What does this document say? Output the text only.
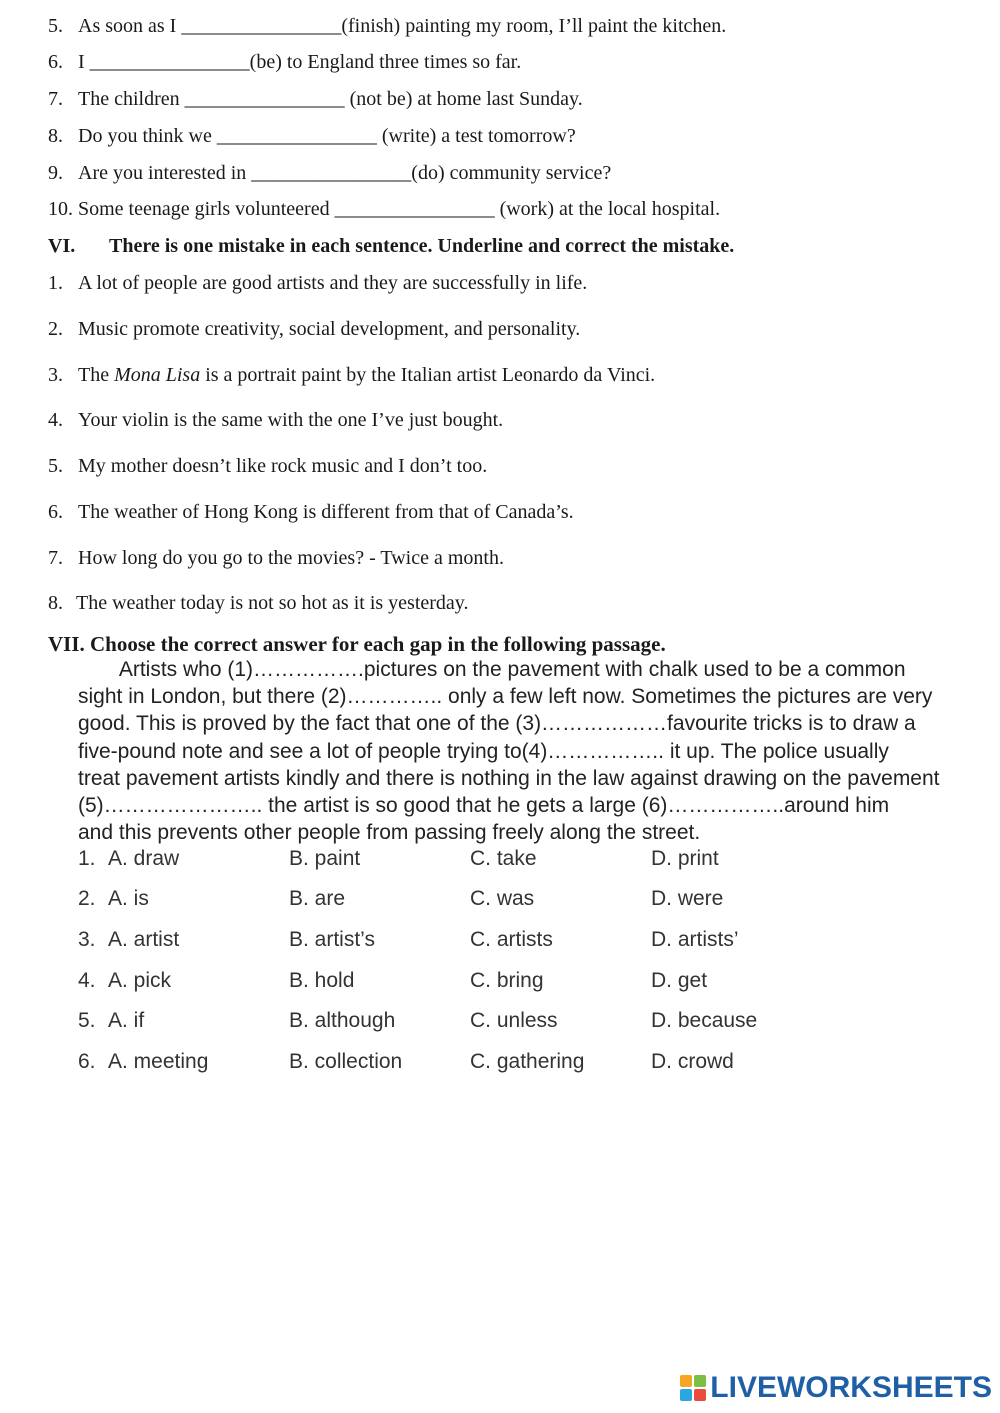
5. As soon as I ________________(finish) painting my room, I’ll paint the kitchen.
6. I ________________(be) to England three times so far.
7. The children ________________ (not be) at home last Sunday.
8. Do you think we ________________ (write) a test tomorrow?
9. Are you interested in ________________(do) community service?
10. Some teenage girls volunteered ________________ (work) at the local hospital.
VI. There is one mistake in each sentence. Underline and correct the mistake.
1. A lot of people are good artists and they are successfully in life.
2. Music promote creativity, social development, and personality.
3. The Mona Lisa is a portrait paint by the Italian artist Leonardo da Vinci.
4. Your violin is the same with the one I’ve just bought.
5. My mother doesn’t like rock music and I don’t too.
6. The weather of Hong Kong is different from that of Canada’s.
7. How long do you go to the movies? - Twice a month.
8. The weather today is not so hot as it is yesterday.
VII. Choose the correct answer for each gap in the following passage.

Artists who (1)…………….pictures on the pavement with chalk used to be a common

sight in London, but there (2)………….. only a few left now. Sometimes the pictures are very

good. This is proved by the fact that one of the (3)………………favourite tricks is to draw a

five-pound note and see a lot of people trying to(4)…………….. it up. The police usually

treat pavement artists kindly and there is nothing in the law against drawing on the pavement

(5)………………….. the artist is so good that he gets a large (6)……………..around him

and this prevents other people from passing freely along the street.

1. A. draw	B. paint	C. take	D. print
2. A. is	B. are	C. was	D. were
3. A. artist	B. artist’s	C. artists	D. artists’
4. A. pick	B. hold	C. bring	D. get
5. A. if	B. although	C. unless	D. because
6. A. meeting	B. collection	C. gathering	D. crowd
LIVEWORKSHEETS
